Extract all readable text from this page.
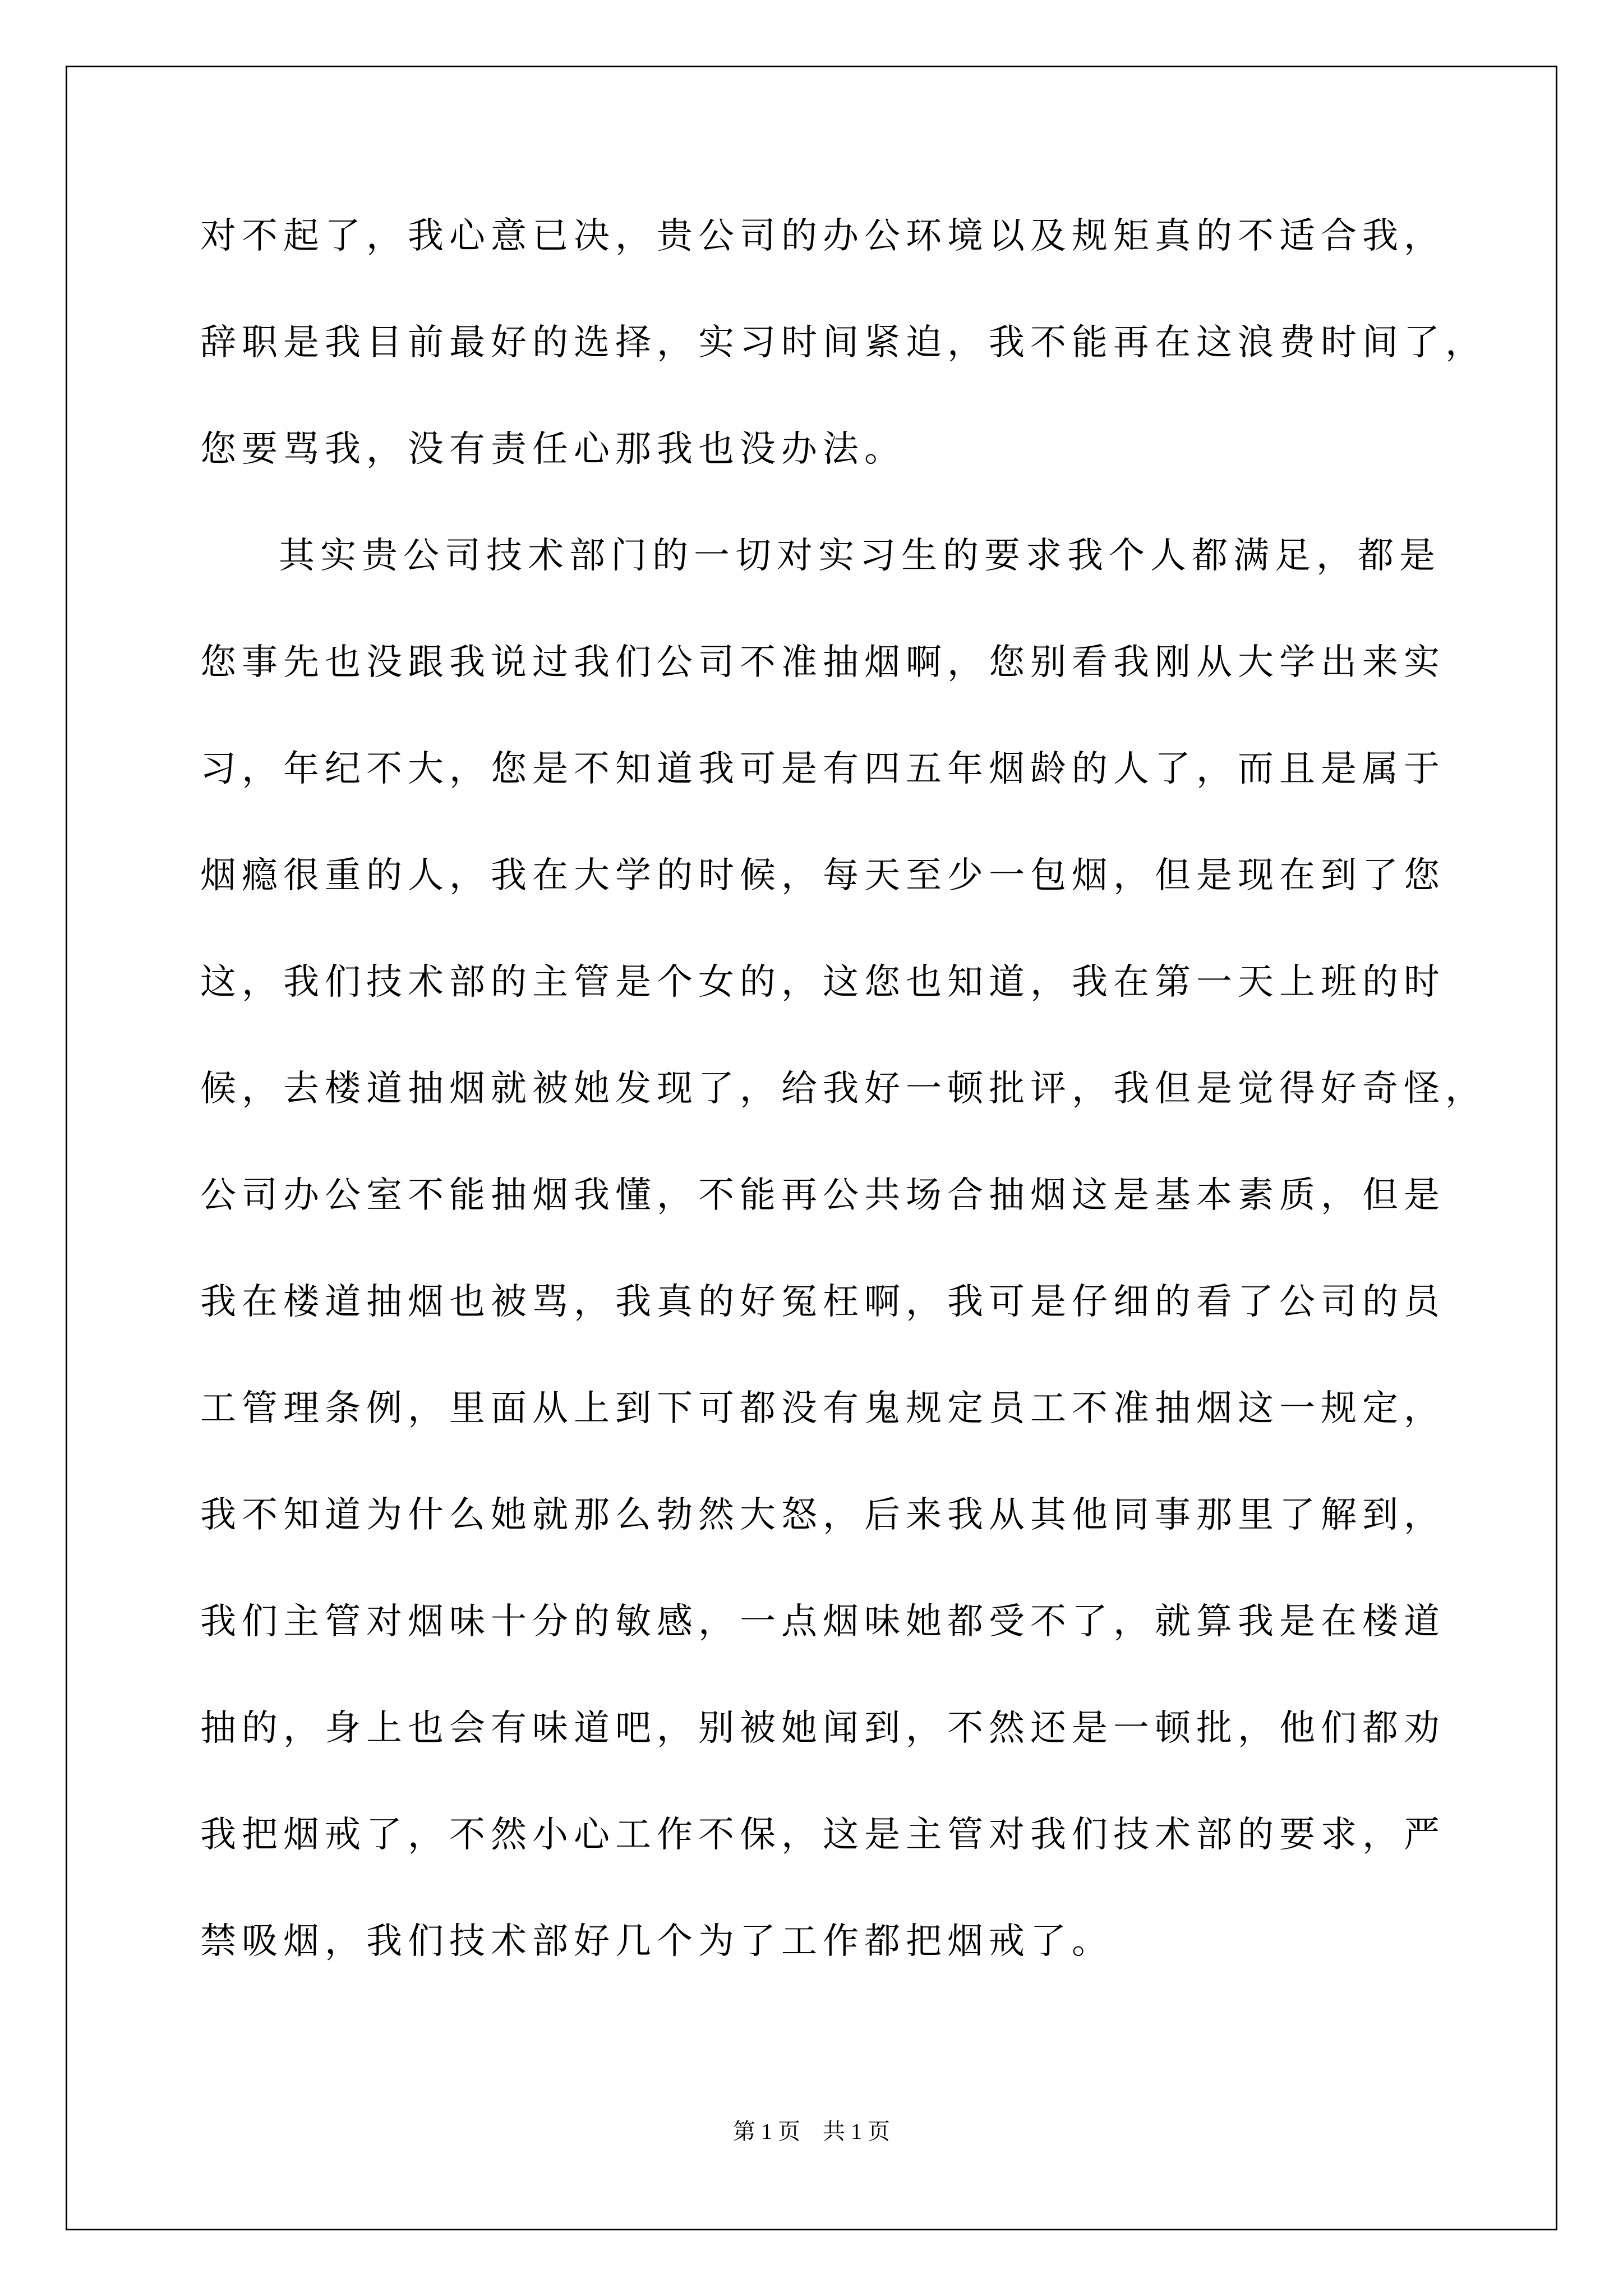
对不起了，我心意已决，贵公司的办公环境以及规矩真的不适合我，
辞职是我目前最好的选择，实习时间紧迫，我不能再在这浪费时间了，
您要骂我，没有责任心那我也没办法。
其实贵公司技术部门的一切对实习生的要求我个人都满足，都是
您事先也没跟我说过我们公司不准抽烟啊，您别看我刚从大学出来实
习，年纪不大，您是不知道我可是有四五年烟龄的人了，而且是属于
烟瘾很重的人，我在大学的时候，每天至少一包烟，但是现在到了您
这，我们技术部的主管是个女的，这您也知道，我在第一天上班的时
候，去楼道抽烟就被她发现了，给我好一顿批评，我但是觉得好奇怪，
公司办公室不能抽烟我懂，不能再公共场合抽烟这是基本素质，但是
我在楼道抽烟也被骂，我真的好冤枉啊，我可是仔细的看了公司的员
工管理条例，里面从上到下可都没有鬼规定员工不准抽烟这一规定，
我不知道为什么她就那么勃然大怒，后来我从其他同事那里了解到，
我们主管对烟味十分的敏感，一点烟味她都受不了，就算我是在楼道
抽的，身上也会有味道吧，别被她闻到，不然还是一顿批，他们都劝
我把烟戒了，不然小心工作不保，这是主管对我们技术部的要求，严
禁吸烟，我们技术部好几个为了工作都把烟戒了。
第 1 页 共 1 页
